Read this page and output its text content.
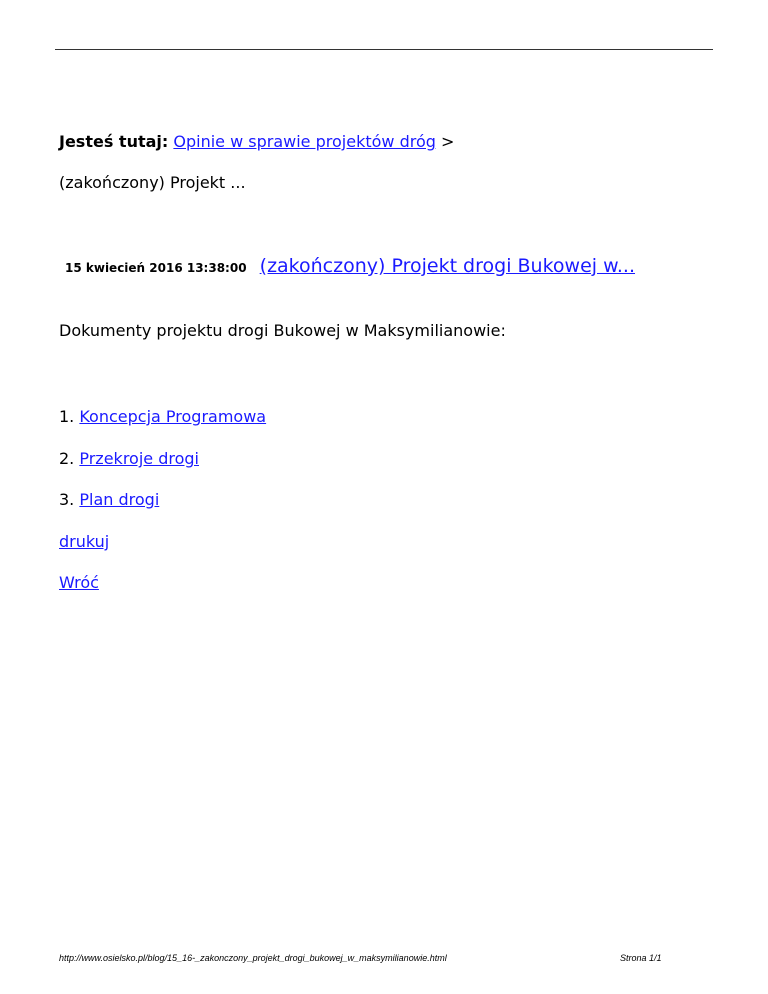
Jesteś tutaj: Opinie w sprawie projektów dróg >
(zakończony) Projekt ...
15 kwiecień 2016 13:38:00 (zakończony) Projekt drogi Bukowej w...
Dokumenty projektu drogi Bukowej w Maksymilianowie:
1. Koncepcja Programowa
2. Przekroje drogi
3. Plan drogi
drukuj
Wróć
http://www.osielsko.pl/blog/15_16-_zakonczony_projekt_drogi_bukowej_w_maksymilianowie.html	Strona 1/1
